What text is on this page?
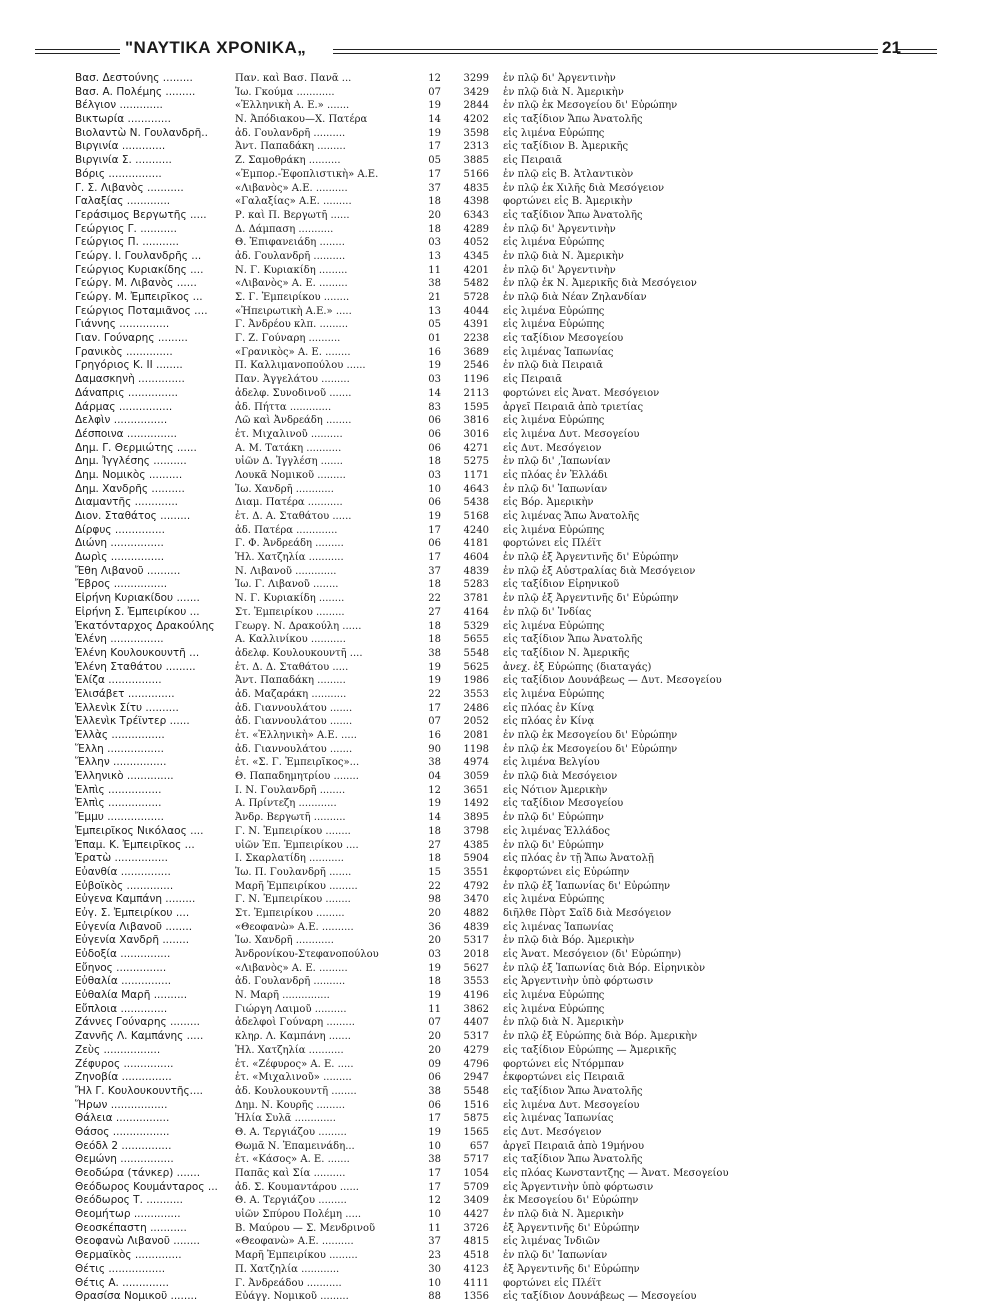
"ΝΑΥΤΙΚΑ ΧΡΟΝΙΚΑ„	21
Βασ. Δεστούνης .........	Παν. καὶ Βασ. Πανᾶ ...	12	3299	ἐν πλῷ δι' Ἀργεντινὴν
Βασ. Α. Πολέμης .........	Ἰω. Γκούμα ............	07	3429	ἐν πλῷ διὰ Ν. Ἀμερικὴν
Βέλγιον .............	«Ἑλληνικὴ Α. Ε.» .......	19	2844	ἐν πλῷ ἐκ Μεσογείου δι' Εὐρώπην
Βικτωρία .............	Ν. Ἀπόδιακου—Χ. Πατέρα	14	4202	εἰς ταξίδιον Ἄπω Ἀνατολῆς
Βιολαντὼ Ν. Γουλανδρῆ..	ἀδ. Γουλανδρῆ ..........	19	3598	εἰς λιμένα Εὐρώπης
Βιργινία .............	Ἀντ. Παπαδάκη .........	17	2313	εἰς ταξίδιον Β. Ἀμερικῆς
Βιργινία Σ. ...........	Ζ. Σαμοθράκη ..........	05	3885	εἰς Πειραιᾶ
Βόρις ................	«Ἐμπορ.-Ἐφοπλιστικὴ» Α.Ε.	17	5166	ἐν πλῷ εἰς Β. Ἀτλαντικὸν
Γ. Σ. Λιβανὸς ...........	«Λιβανὸς» Α.Ε. ..........	37	4835	ἐν πλῷ ἐκ Χιλῆς διὰ Μεσόγειον
Γαλαξίας .............	«Γαλαξίας» Α.Ε. .........	18	4398	φορτώνει εἰς Β. Ἀμερικὴν
Γεράσιμος Βεργωτῆς .....	Ρ. καὶ Π. Βεργωτῆ ......	20	6343	εἰς ταξίδιον Ἄπω Ἀνατολῆς
Γεώργιος Γ. ...........	Δ. Δάμπαση ...........	18	4289	ἐν πλῷ δι' Ἀργεντινὴν
Γεώργιος Π. ...........	Θ. Ἐπιφανειάδη ........	03	4052	εἰς λιμένα Εὐρώπης
Γεώργ. Ι. Γουλανδρῆς ...	ἀδ. Γουλανδρῆ ..........	13	4345	ἐν πλῷ διὰ Ν. Ἀμερικὴν
Γεώργιος Κυριακίδης ....	Ν. Γ. Κυριακίδη .........	11	4201	ἐν πλῷ δι' Ἀργεντινὴν
Γεώργ. Μ. Λιβανὸς ......	«Λιβανὸς» Α. Ε. .........	38	5482	ἐν πλῷ ἐκ Ν. Ἀμερικῆς διὰ Μεσόγειον
Γεώργ. Μ. Ἐμπειρῖκος ...	Σ. Γ. Ἐμπειρίκου ........	21	5728	ἐν πλῷ διὰ Νέαν Ζηλανδίαν
Γεώργιος Ποταμιᾶνος ....	«Ἠπειρωτικὴ Α.Ε.» .....	13	4044	εἰς λιμένα Εὐρώπης
Γιάννης ...............	Γ. Ἀνδρέου κλπ. .........	05	4391	εἰς λιμένα Εὐρώπης
Γιαν. Γούναρης .........	Γ. Ζ. Γούναρη ..........	01	2238	εἰς ταξίδιον Μεσογείου
Γρανικὸς ..............	«Γρανικὸς» Α. Ε. ........	16	3689	εἰς λιμένας Ἰαπωνίας
Γρηγόριος Κ. ΙΙ ........	Π. Καλλιμανοπούλου ......	19	2546	ἐν πλῷ διὰ Πειραιᾶ
Δαμασκηνὴ ..............	Παν. Ἀγγελάτου .........	03	1196	εἰς Πειραιᾶ
Δάναπρις ...............	ἀδελφ. Συνοδινοῦ .......	14	2113	φορτώνει εἰς Ἀνατ. Μεσόγειον
Δάρμας ................	ἀδ. Πήττα .............	83	1595	ἀργεῖ Πειραιᾶ ἀπὸ τριετίας
Δελφὶν ................	Λῶ καὶ Ἀνδρεάδη ........	06	3816	εἰς λιμένα Εὐρώπης
Δέσποινα ...............	ἐτ. Μιχαλινοῦ ..........	06	3016	εἰς λιμένα Δυτ. Μεσογείου
Δημ. Γ. Θερμιώτης ......	Α. Μ. Τατάκη ...........	06	4271	εἰς Δυτ. Μεσόγειον
Δημ. Ἰγγλέσης ..........	υἱῶν Δ. Ἰγγλέση .......	18	5275	ἐν πλῷ δι' ,Ἰαπωνίαν
Δημ. Νομικὸς ..........	Λουκᾶ Νομικοῦ .........	03	1171	εἰς πλόας ἐν Ἑλλάδι
Δημ. Χανδρῆς ..........	Ἰω. Χανδρῆ ............	10	4643	ἐν πλῷ δι' Ἰαπωνίαν
Διαμαντῆς .............	Διαμ. Πατέρα ...........	06	5438	εἰς Βόρ. Ἀμερικὴν
Διον. Σταθάτος .........	ἐτ. Δ. Α. Σταθάτου ......	19	5168	εἰς λιμένας Ἄπω Ἀνατολῆς
Δίρφυς ...............	ἀδ. Πατέρα .............	17	4240	εἰς λιμένα Εὐρώπης
Διώνη ................	Γ. Φ. Ἀνδρεάδη .........	06	4181	φορτώνει εἰς Πλέϊτ
Δωρὶς ................	Ἠλ. Χατζηλία ...........	17	4604	ἐν πλῷ ἐξ Ἀργεντινῆς δι' Εὐρώπην
Ἔθη Λιβανοῦ ..........	Ν. Λιβανοῦ .............	37	4839	ἐν πλῷ ἐξ Αὐστραλίας διὰ Μεσόγειον
Ἔβρος ................	Ἰω. Γ. Λιβανοῦ ........	18	5283	εἰς ταξίδιον Εἰρηνικοῦ
Εἰρήνη Κυριακίδου .......	Ν. Γ. Κυριακίδη ........	22	3781	ἐν πλῷ ἐξ Ἀργεντινῆς δι' Εὐρώπην
Εἰρήνη Σ. Ἐμπειρίκου ...	Στ. Ἐμπειρίκου .........	27	4164	ἐν πλῷ δι' Ἰνδίας
Ἑκατόνταρχος Δρακούλης	Γεωργ. Ν. Δρακούλη ......	18	5329	εἰς λιμένα Εὐρώπης
Ἑλένη ................	Α. Καλλινίκου ...........	18	5655	εἰς ταξίδιον Ἄπω Ἀνατολῆς
Ἑλένη Κουλουκουντῆ ...	ἀδελφ. Κουλουκουντῆ ....	38	5548	εἰς ταξίδιον Ν. Ἀμερικῆς
Ἑλένη Σταθάτου .........	ἐτ. Δ. Δ. Σταθάτου .....	19	5625	ἀνεχ. ἐξ Εὐρώπης (διαταγάς)
Ἑλίζα ................	Ἀντ. Παπαδάκη .........	19	1986	εἰς ταξίδιον Δουνάβεως — Δυτ. Μεσογείου
Ἐλισάβετ ..............	ἀδ. Μαζαράκη ...........	22	3553	εἰς λιμένα Εὐρώπης
Ἑλλενὶκ Σίτυ ..........	ἀδ. Γιαννουλάτου .......	17	2486	εἰς πλόας ἐν Κίνᾳ
Ἑλλενὶκ Τρέϊντερ ......	ἀδ. Γιαννουλάτου .......	07	2052	εἰς πλόας ἐν Κίνᾳ
Ἑλλὰς ................	ἐτ. «Ἑλληνικὴ» Α.Ε. .....	16	2081	ἐν πλῷ ἐκ Μεσογείου δι' Εὐρώπην
Ἕλλη .................	ἀδ. Γιαννουλάτου .......	90	1198	ἐν πλῷ ἐκ Μεσογείου δι' Εὐρώπην
Ἕλλην ................	ἐτ. «Σ. Γ. Ἐμπειρῖκος»...	38	4974	εἰς λιμένα Βελγίου
Ἑλληνικὸ ..............	Θ. Παπαδημητρίου ........	04	3059	ἐν πλῷ διὰ Μεσόγειον
Ἐλπὶς ................	Ι. Ν. Γουλανδρῆ ........	12	3651	εἰς Νότιον Ἀμερικὴν
Ἐλπὶς ................	Α. Πρίντεζη ............	19	1492	εἰς ταξίδιον Μεσογείου
Ἔμμυ .................	Ἀνδρ. Βεργωτῆ ..........	14	3895	ἐν πλῷ δι' Εὐρώπην
Ἐμπειρῖκος Νικόλαος ....	Γ. Ν. Ἐμπειρίκου ........	18	3798	εἰς λιμένας Ἑλλάδος
Ἐπαμ. Κ. Ἐμπειρῖκος ...	υἱῶν Ἐπ. Ἐμπειρίκου ....	27	4385	ἐν πλῷ δι' Εὐρώπην
Ἐρατὼ ................	Ι. Σκαρλατίδη ...........	18	5904	εἰς πλόας ἐν τῇ Ἄπω Ἀνατολῇ
Εὐανθία ...............	Ἰω. Π. Γουλανδρῆ .......	15	3551	ἐκφορτώνει εἰς Εὐρώπην
Εὐβοϊκὸς ..............	Μαρῆ Ἐμπειρίκου .........	22	4792	ἐν πλῷ ἐξ Ἰαπωνίας δι' Εὐρώπην
Εὐγενα Καμπάνη .........	Γ. Ν. Ἐμπειρίκου ........	98	3470	εἰς λιμένα Εὐρώπης
Εὐγ. Σ. Ἐμπειρίκου ....	Στ. Ἐμπειρίκου .........	20	4882	διῆλθε Πὸρτ Σαῒδ διὰ Μεσόγειον
Εὐγενία Λιβανοῦ ........	«Θεοφανὼ» Α.Ε. ..........	36	4839	εἰς λιμένας Ἰαπωνίας
Εὐγενία Χανδρῆ ........	Ἰω. Χανδρῆ ............	20	5317	ἐν πλῷ διὰ Βόρ. Ἀμερικὴν
Εὐδοξία ...............	Ἀνδρονίκου-Στεφανοπούλου	03	2018	εἰς Ἀνατ. Μεσόγειον (δι' Εὐρώπην)
Εὔηνος ...............	«Λιβανὸς» Α. Ε. .........	19	5627	ἐν πλῷ ἐξ Ἰαπωνίας διὰ Βόρ. Εἰρηνικὸν
Εὐθαλία ...............	ἀδ. Γουλανδρῆ ..........	18	3553	εἰς Ἀργεντινὴν ὑπὸ φόρτωσιν
Εὐθαλία Μαρῆ ..........	Ν. Μαρῆ ...............	19	4196	εἰς λιμένα Εὐρώπης
Εὔπλοια ..............	Γιώργη Λαιμοῦ ..........	11	3862	εἰς λιμένα Εὐρώπης
Ζάννες Γούναρης .........	ἀδελφοὶ Γούναρη .........	07	4407	ἐν πλῷ διὰ Ν. Ἀμερικὴν
Ζαννῆς Λ. Καμπάνης .....	κληρ. Λ. Καμπάνη .......	20	5317	ἐν πλῷ ἐξ Εὐρώπης διὰ Βόρ. Ἀμερικὴν
Ζεὺς .................	Ἠλ. Χατζηλία ...........	20	4279	εἰς ταξίδιον Εὐρώπης — Ἀμερικῆς
Ζέφυρος ...............	ἐτ. «Ζέφυρος» Α. Ε. .....	09	4796	φορτώνει εἰς Ντόρμπαν
Ζηνοβία ...............	ἐτ. «Μιχαλινοῦ» .........	06	2947	ἐκφορτώνει εἰς Πειραιᾶ
Ἤλ Γ. Κουλουκουντῆς....	ἀδ. Κουλουκουντῆ ........	38	5548	εἰς ταξίδιον Ἄπω Ἀνατολῆς
Ἥρων .................	Δημ. Ν. Κουρῆς .........	06	1516	εἰς λιμένα Δυτ. Μεσογείου
Θάλεια ................	Ἠλία Συλᾶ .............	17	5875	εἰς λιμένας Ἰαπωνίας
Θάσος .................	Θ. Α. Τεργιάζου .........	19	1565	εἰς Δυτ. Μεσόγειον
Θεόδλ 2 ...............	Θωμᾶ Ν. Ἐπαμεινάδη...	10	657	ἀργεῖ Πειραιᾶ ἀπὸ 19μήνου
Θεμώνη ................	ἐτ. «Κάσος» Α. Ε. .......	38	5717	εἰς ταξίδιον Ἄπω Ἀνατολῆς
Θεοδώρα (τάνκερ) .......	Παπᾶς καὶ Σία ..........	17	1054	εἰς πλόας Κωνσταντζης — Ἀνατ. Μεσογείου
Θεόδωρος Κουμάνταρος ...	ἀδ. Σ. Κουμαντάρου ......	17	5709	εἰς Ἀργεντινὴν ὑπὸ φόρτωσιν
Θεόδωρος Τ. ...........	Θ. Α. Τεργιάζου .........	12	3409	ἐκ Μεσογείου δι' Εὐρώπην
Θεομήτωρ ..............	υἱῶν Σπύρου Πολέμη .....	10	4427	ἐν πλῷ διὰ Ν. Ἀμερικὴν
Θεοσκέπαστη ...........	Β. Μαύρου — Σ. Μενδρινοῦ	11	3726	ἐξ Ἀργεντινῆς δι' Εὐρώπην
Θεοφανὼ Λιβανοῦ ........	«Θεοφανὼ» Α.Ε. ..........	37	4815	εἰς λιμένας Ἰνδιῶν
Θερμαϊκὸς ..............	Μαρῆ Ἐμπειρίκου .........	23	4518	ἐν πλῷ δι' Ἰαπωνίαν
Θέτις .................	Π. Χατζηλία ............	30	4123	ἐξ Ἀργεντινῆς δι' Εὐρώπην
Θέτις Α. ..............	Γ. Ἀνδρεάδου ...........	10	4111	φορτώνει εἰς Πλέϊτ
Θρασίσα Νομικοῦ ........	Εὐάγγ. Νομικοῦ .........	88	1356	εἰς ταξίδιον Δουνάβεως — Μεσογείου
